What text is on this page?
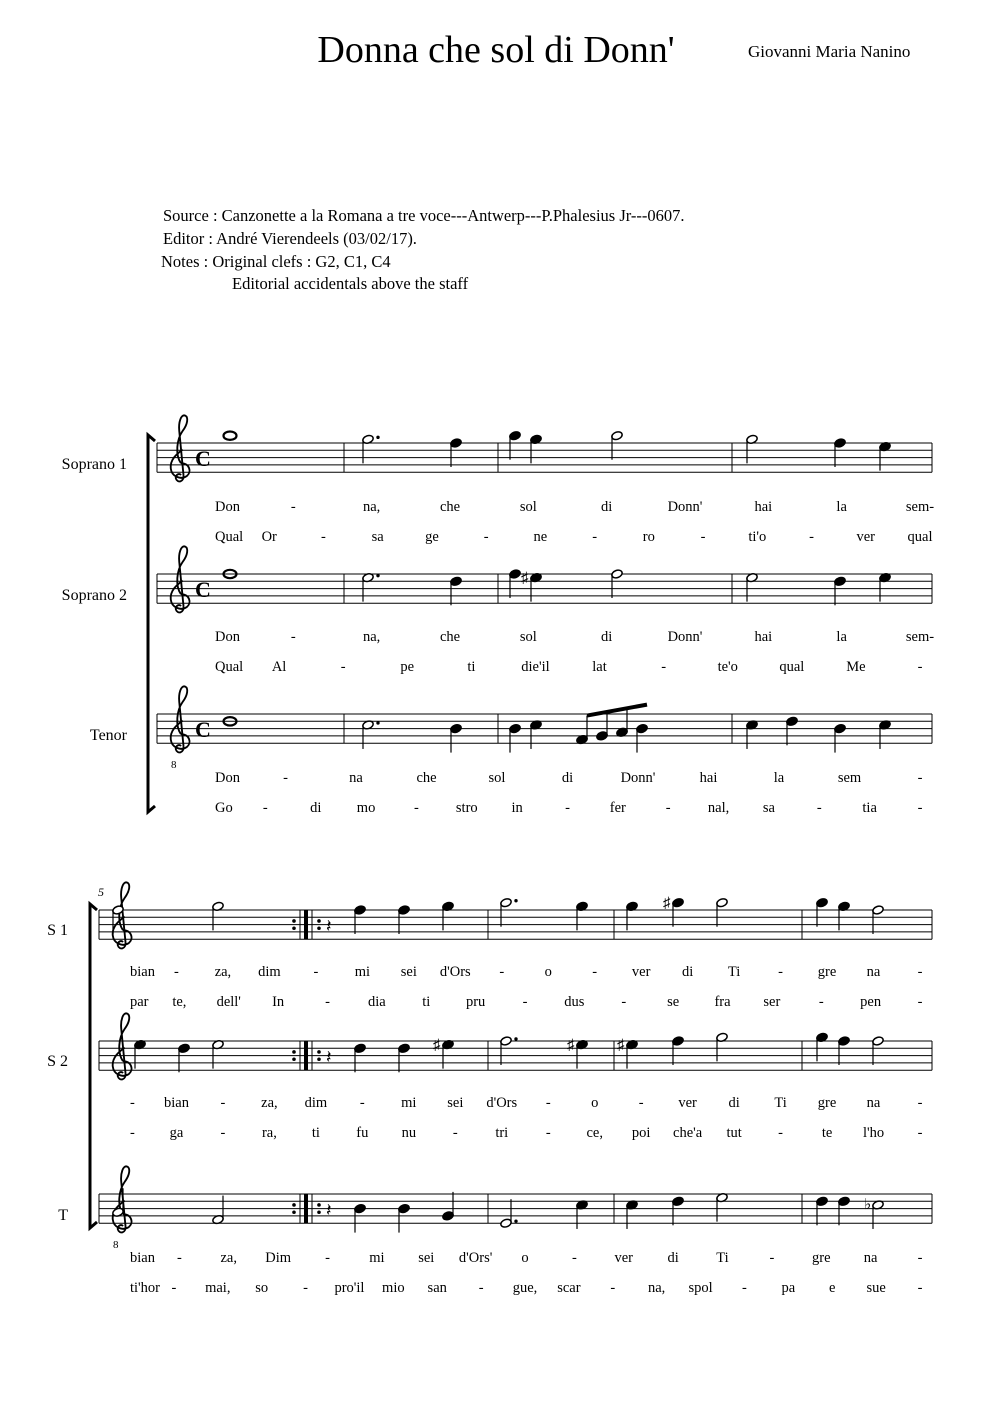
Donna che sol di Donn'	Giovanni Maria Nanino
Source : Canzonette a la Romana a tre voce---Antwerp---P.Phalesius Jr---0607.
Editor : André Vierendeels (03/02/17).
Notes : Original clefs : G2, C1, C4
Editorial accidentals above the staff
Soprano 1
Soprano 2
Tenor
5
S 1
S 2
T
C
C	♯
8
C
Don	-	na,	che	sol	di	Donn'	hai	la	sem-
Qual Or	-	sa	ge	-	ne	-	ro	-	ti'o	-	ver qual
Don	-	na,	che	sol	di	Donn'	hai	la	sem-
Qual Al	-	pe	ti	die'il	lat	-	te'o	qual	Me	-
Don	-	na	che	sol	di	Donn'	hai	la	sem	-
Go -	di mo	-	stro in	-	fer	-	nal, sa	-	tia	-
𝄽
♯
𝄽
♯	♯	♯
8
𝄽	♭
bian - za, dim -	mi sei d'Ors -	o	- ver di Ti	- gre na	-
par te, dell' In	-	dia	ti pru	-	dus	-	se fra ser	-	pen	-
- bian - za, dim -	mi sei d'Ors -	o	- ver di Ti gre na	-
- ga	-	ra, ti	fu nu	-	tri	- ce, poi che'a tut	-	te l'ho -
bian -	za, Dim -	mi sei d'Ors' o	-	ver di	Ti	-	gre na	-
ti'hor - mai, so - pro'il mio san - gue, scar - na, spol - pa e sue -
